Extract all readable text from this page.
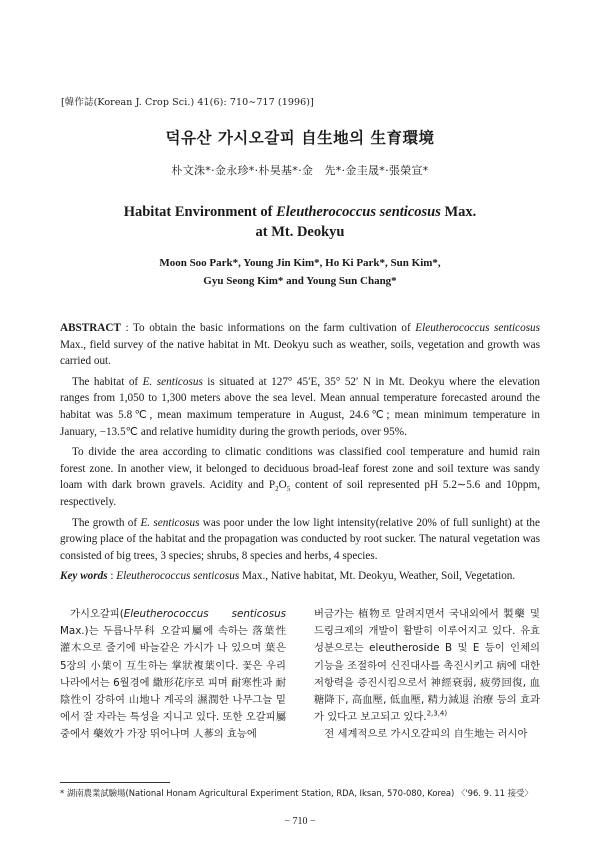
[韓作誌(Korean J. Crop Sci.) 41(6): 710∼717 (1996)]
덕유산 가시오갈피 自生地의 生育環境
朴文洙*·金永珍*·朴昊基*·金　先*·金圭晟*·張榮宣*
Habitat Environment of Eleutherococcus senticosus Max.
at Mt. Deokyu
Moon Soo Park*, Young Jin Kim*, Ho Ki Park*, Sun Kim*,
Gyu Seong Kim* and Young Sun Chang*

ABSTRACT : To obtain the basic informations on the farm cultivation of Eleutherococcus senticosus Max., field survey of the native habitat in Mt. Deokyu such as weather, soils, vegetation and growth was carried out.

The habitat of E. senticosus is situated at 127° 45′E, 35° 52′ N in Mt. Deokyu where the elevation ranges from 1,050 to 1,300 meters above the sea level. Mean annual temperature forecasted around the habitat was 5.8℃, mean maximum temperature in August, 24.6℃; mean minimum temperature in January, −13.5℃ and relative humidity during the growth periods, over 95%.

To divide the area according to climatic conditions was classified cool temperature and humid rain forest zone. In another view, it belonged to deciduous broad-leaf forest zone and soil texture was sandy loam with dark brown gravels. Acidity and $P_2O_5$ content of soil represented pH 5.2∼5.6 and 10ppm, respectively.

The growth of E. senticosus was poor under the low light intensity(relative 20% of full sunlight) at the growing place of the habitat and the propagation was conducted by root sucker. The natural vegetation was consisted of big trees, 3 species; shrubs, 8 species and herbs, 4 species.

Key words : Eleutherococcus senticosus Max., Native habitat, Mt. Deokyu, Weather, Soil, Vegetation.

가시오갈피(Eleutherococcus senticosus Max.)는 두릅나무科 오갈피屬에 속하는 落葉性 灌木으로 줄기에 바늘같은 가시가 나 있으며 葉은 5장의 小葉이 互生하는 掌狀複葉이다. 꽃은 우리나라에서는 6월경에 繖形花序로 피며 耐寒性과 耐陰性이 강하여 山地나 계곡의 濕潤한 나무그늘 밑에서 잘 자라는 특성을 지니고 있다. 또한 오갈피屬 중에서 藥效가 가장 뛰어나며 人蔘의 효능에

버금가는 植物로 알려지면서 국내외에서 製藥 및 드링크제의 개발이 활발히 이루어지고 있다. 유효성분으로는 eleutheroside B 및 E 등이 인체의 기능을 조절하여 신진대사를 촉진시키고 病에 대한 저항력을 증진시킴으로서 神經衰弱, 疲勞回復, 血糖降下, 高血壓, 低血壓, 精力減退 治療 등의 효과가 있다고 보고되고 있다.$^{2,3,4)}$

　전 세계적으로 가시오갈피의 自生地는 러시아

* 湖南農業試驗場(National Honam Agricultural Experiment Station, RDA, Iksan, 570-080, Korea) 〈'96. 9. 11 接受〉
− 710 −
